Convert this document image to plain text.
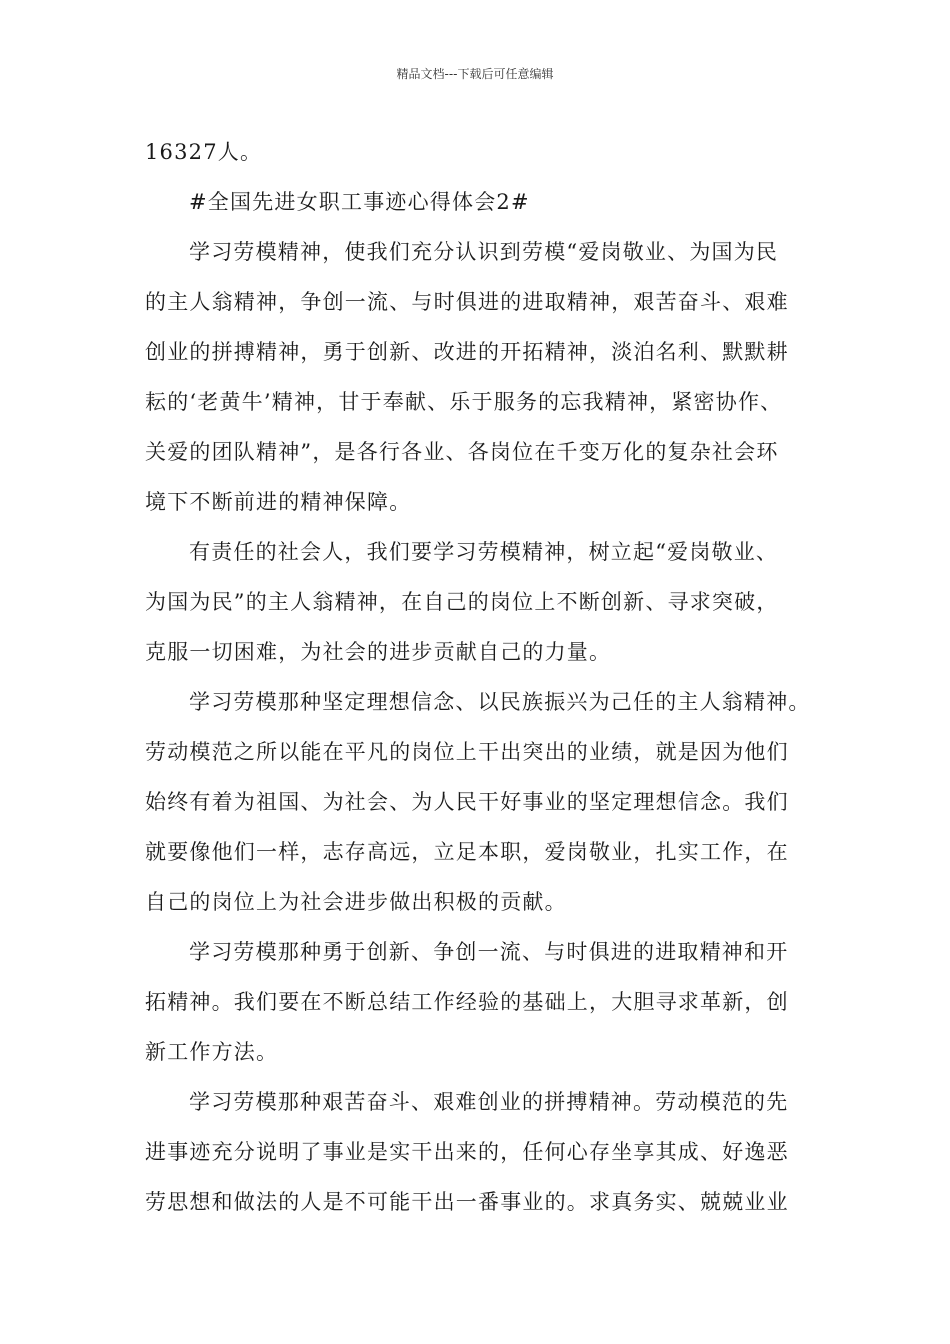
精品文档---下载后可任意编辑
16327人。
#全国先进女职工事迹心得体会2#
学习劳模精神，使我们充分认识到劳模“爱岗敬业、为国为民
的主人翁精神，争创一流、与时俱进的进取精神，艰苦奋斗、艰难
创业的拼搏精神，勇于创新、改进的开拓精神，淡泊名利、默默耕
耘的‘老黄牛’精神，甘于奉献、乐于服务的忘我精神，紧密协作、
关爱的团队精神”，是各行各业、各岗位在千变万化的复杂社会环
境下不断前进的精神保障。
有责任的社会人，我们要学习劳模精神，树立起“爱岗敬业、
为国为民”的主人翁精神，在自己的岗位上不断创新、寻求突破，
克服一切困难，为社会的进步贡献自己的力量。
学习劳模那种坚定理想信念、以民族振兴为己任的主人翁精神。
劳动模范之所以能在平凡的岗位上干出突出的业绩，就是因为他们
始终有着为祖国、为社会、为人民干好事业的坚定理想信念。我们
就要像他们一样，志存高远，立足本职，爱岗敬业，扎实工作，在
自己的岗位上为社会进步做出积极的贡献。
学习劳模那种勇于创新、争创一流、与时俱进的进取精神和开
拓精神。我们要在不断总结工作经验的基础上，大胆寻求革新，创
新工作方法。
学习劳模那种艰苦奋斗、艰难创业的拼搏精神。劳动模范的先
进事迹充分说明了事业是实干出来的，任何心存坐享其成、好逸恶
劳思想和做法的人是不可能干出一番事业的。求真务实、兢兢业业
